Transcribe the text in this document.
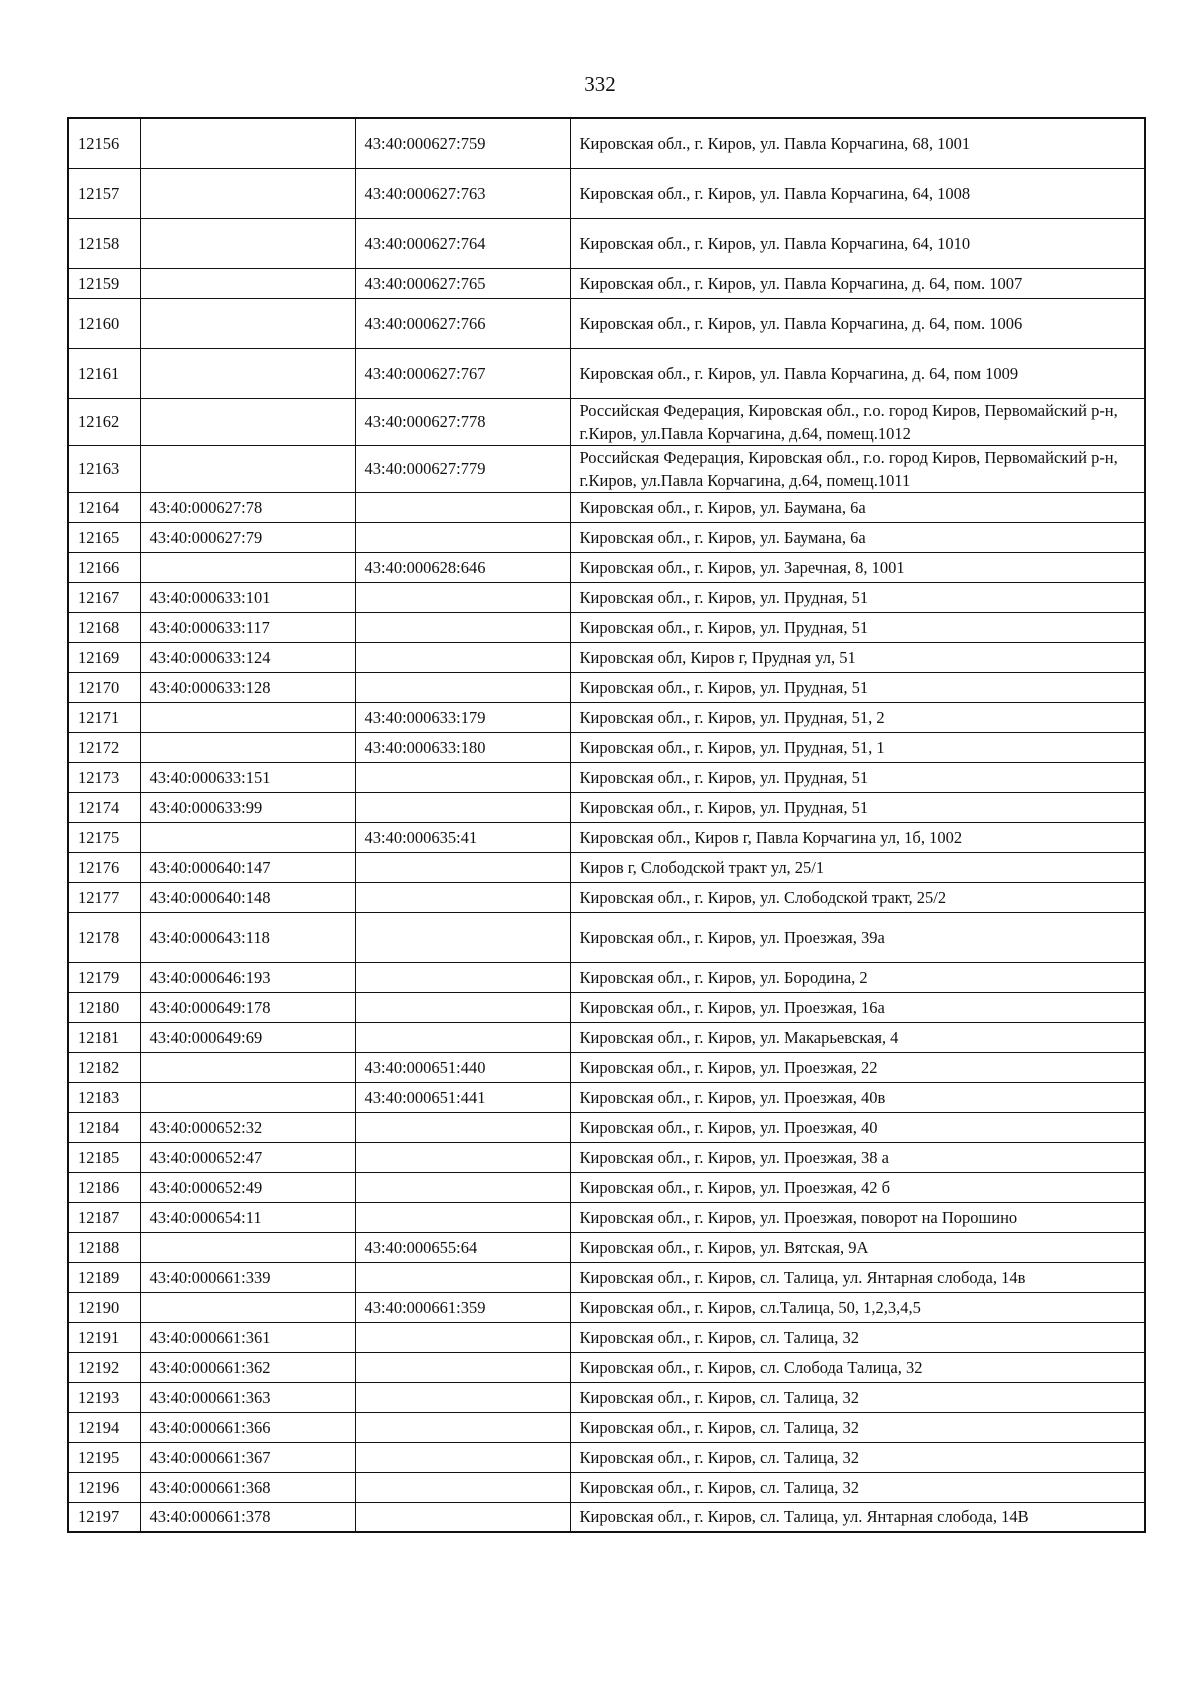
332
12156		43:40:000627:759	Кировская обл., г. Киров, ул. Павла Корчагина, 68, 1001
12157		43:40:000627:763	Кировская обл., г. Киров, ул. Павла Корчагина, 64, 1008
12158		43:40:000627:764	Кировская обл., г. Киров, ул. Павла Корчагина, 64, 1010
12159		43:40:000627:765	Кировская обл., г. Киров, ул. Павла Корчагина, д. 64, пом. 1007
12160		43:40:000627:766	Кировская обл., г. Киров, ул. Павла Корчагина, д. 64, пом. 1006
12161		43:40:000627:767	Кировская обл., г. Киров, ул. Павла Корчагина, д. 64, пом 1009
12162		43:40:000627:778	Российская Федерация, Кировская обл., г.о. город Киров, Первомайский р-н, г.Киров, ул.Павла Корчагина, д.64, помещ.1012
12163		43:40:000627:779	Российская Федерация, Кировская обл., г.о. город Киров, Первомайский р-н, г.Киров, ул.Павла Корчагина, д.64, помещ.1011
12164	43:40:000627:78		Кировская обл., г. Киров, ул. Баумана, 6а
12165	43:40:000627:79		Кировская обл., г. Киров, ул. Баумана, 6а
12166		43:40:000628:646	Кировская обл., г. Киров, ул. Заречная, 8, 1001
12167	43:40:000633:101		Кировская обл., г. Киров, ул. Прудная, 51
12168	43:40:000633:117		Кировская обл., г. Киров, ул. Прудная, 51
12169	43:40:000633:124		Кировская обл, Киров г, Прудная ул, 51
12170	43:40:000633:128		Кировская обл., г. Киров, ул. Прудная, 51
12171		43:40:000633:179	Кировская обл., г. Киров, ул. Прудная, 51, 2
12172		43:40:000633:180	Кировская обл., г. Киров, ул. Прудная, 51, 1
12173	43:40:000633:151		Кировская обл., г. Киров, ул. Прудная, 51
12174	43:40:000633:99		Кировская обл., г. Киров, ул. Прудная, 51
12175		43:40:000635:41	Кировская обл., Киров г, Павла Корчагина ул, 1б, 1002
12176	43:40:000640:147		Киров г, Слободской тракт ул, 25/1
12177	43:40:000640:148		Кировская обл., г. Киров, ул. Слободской тракт, 25/2
12178	43:40:000643:118		Кировская обл., г. Киров, ул. Проезжая, 39а
12179	43:40:000646:193		Кировская обл., г. Киров, ул. Бородина, 2
12180	43:40:000649:178		Кировская обл., г. Киров, ул. Проезжая, 16а
12181	43:40:000649:69		Кировская обл., г. Киров, ул. Макарьевская, 4
12182		43:40:000651:440	Кировская обл., г. Киров, ул. Проезжая, 22
12183		43:40:000651:441	Кировская обл., г. Киров, ул. Проезжая, 40в
12184	43:40:000652:32		Кировская обл., г. Киров, ул. Проезжая, 40
12185	43:40:000652:47		Кировская обл., г. Киров, ул. Проезжая, 38 а
12186	43:40:000652:49		Кировская обл., г. Киров, ул. Проезжая, 42 б
12187	43:40:000654:11		Кировская обл., г. Киров, ул. Проезжая, поворот на Порошино
12188		43:40:000655:64	Кировская обл., г. Киров, ул. Вятская, 9А
12189	43:40:000661:339		Кировская обл., г. Киров, сл. Талица, ул. Янтарная слобода, 14в
12190		43:40:000661:359	Кировская обл., г. Киров, сл.Талица, 50, 1,2,3,4,5
12191	43:40:000661:361		Кировская обл., г. Киров, сл. Талица, 32
12192	43:40:000661:362		Кировская обл., г. Киров, сл. Слобода Талица, 32
12193	43:40:000661:363		Кировская обл., г. Киров, сл. Талица, 32
12194	43:40:000661:366		Кировская обл., г. Киров, сл. Талица, 32
12195	43:40:000661:367		Кировская обл., г. Киров, сл. Талица, 32
12196	43:40:000661:368		Кировская обл., г. Киров, сл. Талица, 32
12197	43:40:000661:378		Кировская обл., г. Киров, сл. Талица, ул. Янтарная слобода, 14В
